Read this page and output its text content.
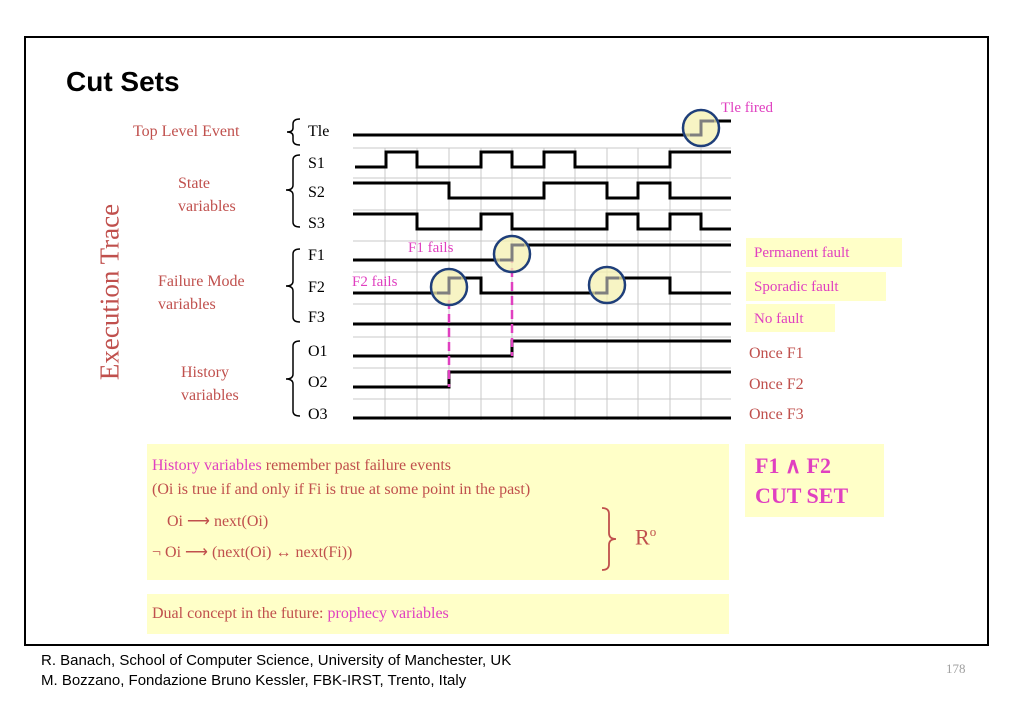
Cut Sets
Execution Trace
Top Level Event
State
variables
Failure Mode
variables
History
variables
Tle
S1
S2
S3
F1
F2
F3
O1
O2
O3
Tle fired
F1 fails
F2 fails
Permanent fault
Sporadic fault
No fault
Once F1
Once F2
Once F3
History variables remember past failure events
(Oi is true if and only if Fi is true at some point in the past)
Oi ⟶ next(Oi)
¬ Oi ⟶ (next(Oi) ↔ next(Fi))
$R^o$
F1 ∧ F2
CUT SET
Dual concept in the future: prophecy variables
R. Banach, School of Computer Science, University of Manchester, UK
M. Bozzano, Fondazione Bruno Kessler, FBK-IRST, Trento, Italy
178
